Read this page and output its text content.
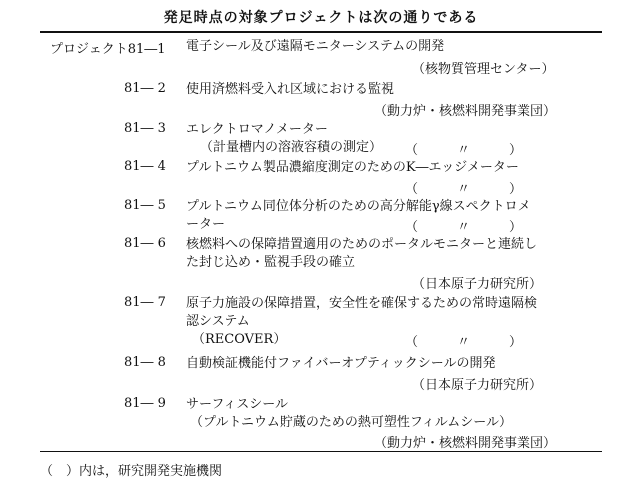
発足時点の対象プロジェクトは次の通りである
プロジェクト81―1 電子シール及び遠隔モニターシステムの開発
（核物質管理センター）
81― 2 使用済燃料受入れ区域における監視
（動力炉・核燃料開発事業団）
81― 3 エレクトロマノメーター
（計量槽内の溶液容積の測定）	（　　　〃　　　）
81― 4 プルトニウム製品濃縮度測定のためのK―エッジメーター
（　　　〃　　　）
81― 5 プルトニウム同位体分析のための高分解能γ線スペクトロメ
ーター	（　　　〃　　　）
81― 6 核燃料への保障措置適用のためのポータルモニターと連続し
た封じ込め・監視手段の確立
（日本原子力研究所）
81― 7 原子力施設の保障措置，安全性を確保するための常時遠隔検
認システム
（RECOVER）	（　　　〃　　　）
81― 8 自動検証機能付ファイバーオプティックシールの開発
（日本原子力研究所）
81― 9 サーフィスシール
（プルトニウム貯蔵のための熱可塑性フィルムシール）
（動力炉・核燃料開発事業団）
（　）内は，研究開発実施機関
